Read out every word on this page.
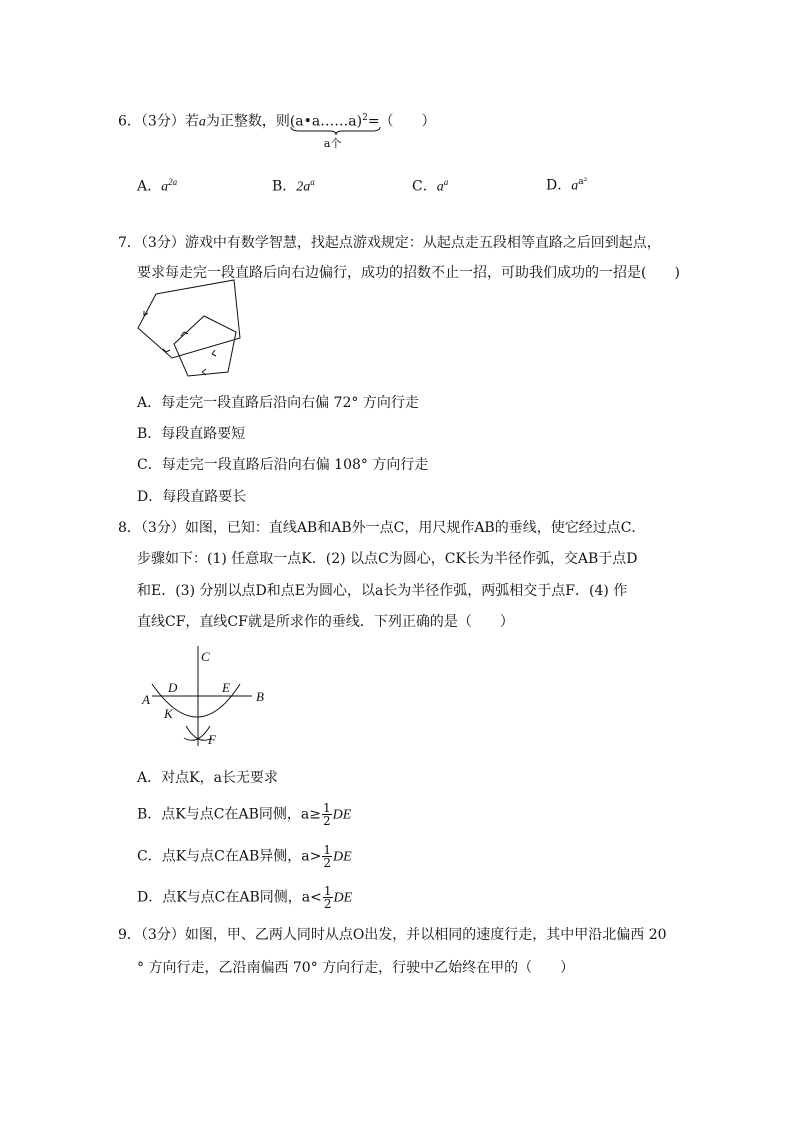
6．（3分）若a为正整数，则(a•a……a)$^2$
a个
=（　　）
A．$a^{2a}$	B．$2a^a$	C．$a^a$	D．$a^{a^2}$
7．（3分）游戏中有数学智慧，找起点游戏规定：从起点走五段相等直路之后回到起点，
要求每走完一段直路后向右边偏行，成功的招数不止一招，可助我们成功的一招是(　　)
A．每走完一段直路后沿向右偏 72° 方向行走
B．每段直路要短
C．每走完一段直路后沿向右偏 108° 方向行走
D．每段直路要长
8．（3分）如图，已知：直线AB和AB外一点C，用尺规作AB的垂线，使它经过点C．
步骤如下：(1) 任意取一点K．(2) 以点C为圆心，CK长为半径作弧，交AB于点D
和E．(3) 分别以点D和点E为圆心，以a长为半径作弧，两弧相交于点F．(4) 作
直线CF，直线CF就是所求作的垂线．下列正确的是（　　）
C
D	E
A	B
K
F
A．对点K，a长无要求
B．点K与点C在AB同侧，$a\ge \frac{1}{2}$ DE
C．点K与点C在AB异侧，$a> \frac{1}{2}$ DE
D．点K与点C在AB同侧，$a< \frac{1}{2}$ DE
9．（3分）如图，甲、乙两人同时从点O出发，并以相同的速度行走，其中甲沿北偏西 20
° 方向行走，乙沿南偏西 70° 方向行走，行驶中乙始终在甲的（　　）
